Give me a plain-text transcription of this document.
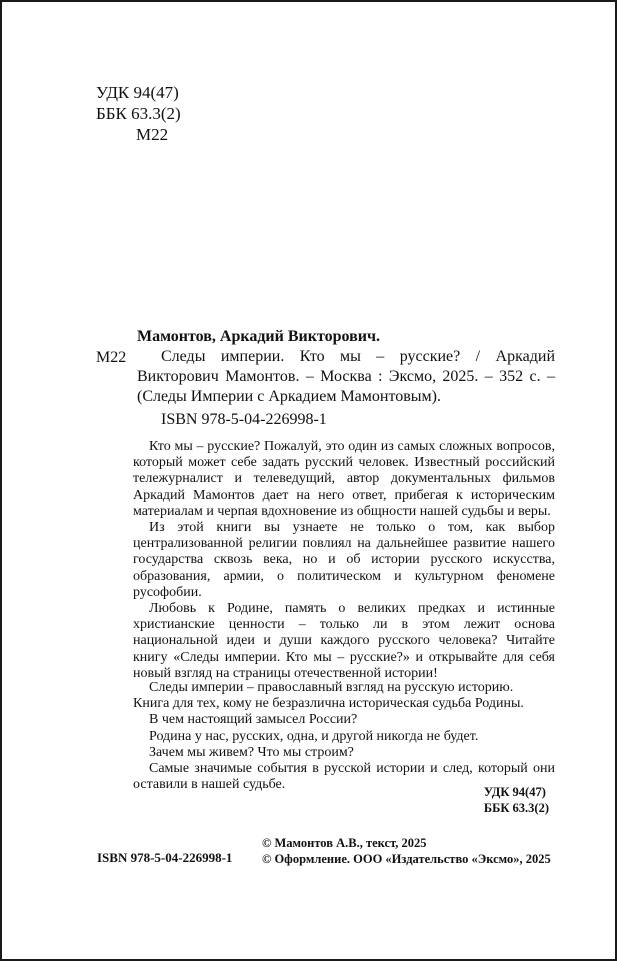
УДК 94(47)
ББК 63.3(2)
М22
М22
Мамонтов, Аркадий Викторович.
Следы империи. Кто мы – русские? / Аркадий Викторович Мамонтов. – Москва : Эксмо, 2025. – 352 с. – (Следы Империи с Аркадием Мамонтовым).
ISBN 978-5-04-226998-1

Кто мы – русские? Пожалуй, это один из самых сложных вопросов, который может себе задать русский человек. Известный российский тележурналист и телеведущий, автор документальных фильмов Аркадий Мамонтов дает на него ответ, прибегая к историческим материалам и черпая вдохновение из общности нашей судьбы и веры.

Из этой книги вы узнаете не только о том, как выбор централизованной религии повлиял на дальнейшее развитие нашего государства сквозь века, но и об истории русского искусства, образования, армии, о политическом и культурном феномене русофобии.

Любовь к Родине, память о великих предках и истинные христианские ценности – только ли в этом лежит основа национальной идеи и души каждого русского человека? Читайте книгу «Следы империи. Кто мы – русские?» и открывайте для себя новый взгляд на страницы отечественной истории!

Следы империи – православный взгляд на русскую историю.

Книга для тех, кому не безразлична историческая судьба Родины.

В чем настоящий замысел России?

Родина у нас, русских, одна, и другой никогда не будет.

Зачем мы живем? Что мы строим?

Самые значимые события в русской истории и след, который они оставили в нашей судьбе.	УДК 94(47)
ББК 63.3(2)
ISBN 978-5-04-226998-1
© Мамонтов А.В., текст, 2025
© Оформление. ООО «Издательство «Эксмо», 2025
